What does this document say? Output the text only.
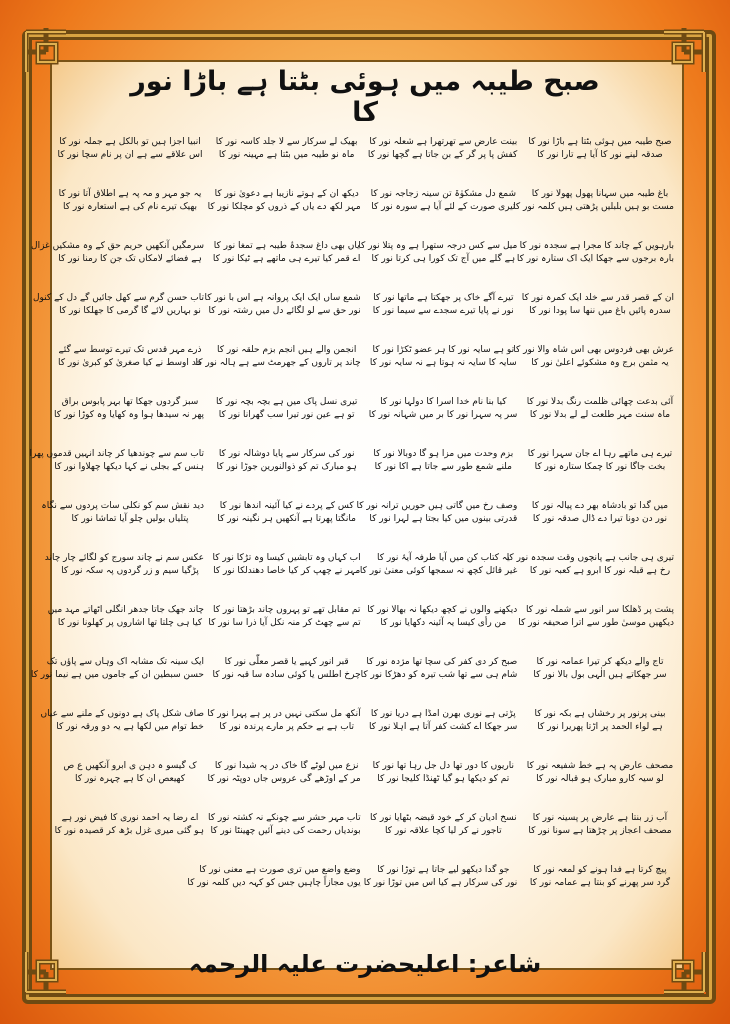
صبح طیبہ میں ہوئی بٹتا ہے باڑا نور کا
صبح طیبہ میں ہوئی بٹتا ہے باڑا نور کا
صدقہ لینے نور کا آیا ہے تارا نور کا
باغ طیبہ میں سہانا پھول پھولا نور کا
مست بو ہیں بلبلیں پڑھتی ہیں کلمہ نور کا
بارہویں کے چاند کا مجرا ہے سجدہ نور کا
بارہ برجوں سے جھکا ایک اک ستارہ نور کا
ان کے قصر قدر سے خلد ایک کمرہ نور کا
سدرہ پائیں باغ میں ننھا سا پودا نور کا
عرش بھی فردوس بھی اس شاہ والا نور کا
یہ مثمن برج وہ مشکوئے اعلیٰ نور کا
آئی بدعت چھائی ظلمت رنگ بدلا نور کا
ماہ سنت مہر طلعت لے لے بدلا نور کا
تیرے ہی ماتھے رہا اے جان سہرا نور کا
بخت جاگا نور کا چمکا ستارہ نور کا
میں گدا تو بادشاہ بھر دے پیالہ نور کا
نور دن دونا تیرا دے ڈال صدقہ نور کا
تیری ہی جانب ہے پانچوں وقت سجدہ نور کا
رخ ہے قبلہ نور کا ابرو ہے کعبہ نور کا
پشت پر ڈھلکا سر انور سے شملہ نور کا
دیکھیں موسیٰ طور سے اترا صحیفہ نور کا
تاج والے دیکھ کر تیرا عمامہ نور کا
سر جھکاتے ہیں الٰہی بول بالا نور کا
بینی پرنور پر رخشاں ہے بکہ نور کا
ہے لواء الحمد پر اڑتا پھریرا نور کا
مصحف عارض پہ ہے خط شفیعہ نور کا
لو سیہ کارو مبارک ہو قبالہ نور کا
آب زر بنتا ہے عارض پر پسینہ نور کا
مصحف اعجاز پر چڑھتا ہے سونا نور کا
پیچ کرتا ہے فدا ہونے کو لمعہ نور کا
گرد سر پھرنے کو بنتا ہے عمامہ نور کا
بینت عارض سے تھرتھرا ہے شعلہ نور کا
کفش پا پر گر کے بن جاتا ہے گچھا نور کا
شمع دل مشکوٰۃ تن سینہ زجاجہ نور کا
تیری صورت کے لئے آیا ہے سورہ نور کا
میل سے کس درجہ ستھرا ہے وہ پتلا نور کا
ہے گلے میں آج تک کورا ہی کرتا نور کا
تیرے آگے خاک پر جھکتا ہے ماتھا نور کا
نور نے پایا تیرے سجدے سے سیما نور کا
تو ہے سایہ نور کا ہر عضو ٹکڑا نور کا
سایہ کا سایہ نہ ہوتا ہے نہ سایہ نور کا
کیا بنا نام خدا اسرا کا دولہا نور کا
سر پہ سہرا نور کا بر میں شہانہ نور کا
بزم وحدت میں مزا ہو گا دوبالا نور کا
ملنے شمع طور سے جاتا ہے اکا نور کا
وصف رخ میں گاتی ہیں حوریں ترانہ نور کا
قدرتی بینوں میں کیا بجتا ہے لہرا نور کا
یہ کتاب کن میں آیا طرفہ آیۂ نور کا
غیر قائل کچھ نہ سمجھا کوئی معنیٰ نور کا
دیکھنے والوں نے کچھ دیکھا نہ بھالا نور کا
من رأی کیسا یہ آئینہ دکھایا نور کا
صبح کر دی کفر کی سچا تھا مژدہ نور کا
شام ہی سے تھا شب تیرہ کو دھڑکا نور کا
پڑتی ہے نوری بھرن امڈا ہے دریا نور کا
سر جھکا اے کشت کفر آتا ہے اہلا نور کا
ناریوں کا دور تھا دل جل رہا تھا نور کا
تم کو دیکھا ہو گیا ٹھنڈا کلیجا نور کا
نسخ ادیان کر کے خود قبضہ بٹھایا نور کا
تاجور نے کر لیا کچا علاقہ نور کا
جو گدا دیکھو لیے جاتا ہے توڑا نور کا
نور کی سرکار ہے کیا اس میں توڑا نور کا
بھیک لے سرکار سے لا جلد کاسہ نور کا
ماہ نو طیبہ میں بٹتا ہے مہینہ نور کا
دیکھ ان کے ہوتے نازیبا ہے دعویٰ نور کا
مہر لکھ دے یاں کے ذروں کو مچلکا نور کا
یاں بھی داغ سجدۂ طیبہ ہے تمغا نور کا
اے قمر کیا تیرے ہی ماتھے ہے ٹیکا نور کا
شمع ساں ایک ایک پروانہ ہے اس با نور کا
نور حق سے لو لگائے دل میں رشتہ نور کا
انجمن والے ہیں انجم بزم حلقہ نور کا
چاند پر تاروں کے جھرمٹ سے ہے ہالہ نور کا
تیری نسل پاک میں ہے بچہ بچہ نور کا
تو ہے عین نور تیرا سب گھرانا نور کا
نور کی سرکار سے پایا دوشالہ نور کا
ہو مبارک تم کو ذوالنورین جوڑا نور کا
کس کے پردے نے کیا آئینہ اندھا نور کا
مانگتا پھرتا ہے آنکھیں ہر نگینہ نور کا
اب کہاں وہ تابشیں کیسا وہ تڑکا نور کا
مہر نے چھپ کر کیا خاصا دھندلکا نور کا
تم مقابل تھے تو پہروں چاند بڑھتا نور کا
تم سے چھٹ کر منہ نکل آیا ذرا سا نور کا
قبر انور کہیے یا قصر معلّٰی نور کا
چرخ اطلس یا کوئی سادہ سا قبہ نور کا
آنکھ مل سکتی نہیں در پر ہے پہرا نور کا
تاب ہے بے حکم پر مارے پرندہ نور کا
نزع میں لوٹے گا خاک در پہ شیدا نور کا
مر کے اوڑھے گی عروس جاں دوپٹہ نور کا
تاب مہر حشر سے چونکے نہ کشتہ نور کا
بوندیاں رحمت کی دینے آئیں چھینٹا نور کا
وضع واضع میں تری صورت ہے معنی نور کا
یوں مجازاً چاہیں جس کو کہہ دیں کلمہ نور کا
انبیا اجزا ہیں تو بالکل ہے جملہ نور کا
اس علاقے سے ہے ان پر نام سچا نور کا
یہ جو مہر و مہ پہ ہے اطلاق آتا نور کا
بھیک تیرے نام کی ہے استعارہ نور کا
سرمگیں آنکھیں حریم حق کے وہ مشکیں غزال
ہے فضائے لامکاں تک جن کا رمنا نور کا
تاب حسن گرم سے کھل جائیں گے دل کے کنول
نو بہاریں لائے گا گرمی کا جھلکا نور کا
ذرے مہر قدس تک تیرے توسط سے گئے
حد اوسط نے کیا صغریٰ کو کبریٰ نور کا
سبز گردوں جھکا تھا بہر پابوس براق
پھر نہ سیدھا ہوا وہ کھایا وہ کوڑا نور کا
تاب سم سے چوندھیا کر چاند انہیں قدموں پھرا
ہنس کے بجلی نے کہا دیکھا چھلاوا نور کا
دید نقش سم کو نکلی سات پردوں سے نگاہ
پتلیاں بولیں چلو آیا تماشا نور کا
عکس سم نے چاند سورج کو لگائے چار چاند
پڑگیا سیم و زر گردوں پہ سکہ نور کا
چاند جھک جاتا جدھر انگلی اٹھاتے مہد میں
کیا ہی چلتا تھا اشاروں پر کھلونا نور کا
ایک سینہ تک مشابہ اک وہاں سے پاؤں تک
حسن سبطین ان کے جاموں میں ہے نیما نور کا
صاف شکل پاک ہے دونوں کے ملنے سے عیاں
خط توام میں لکھا ہے یہ دو ورقہ نور کا
ک گیسو ہ دہن ی ابرو آنکھیں ع ص
کھیعص ان کا ہے چہرہ نور کا
اے رضا یہ احمد نوری کا فیض نور ہے
ہو گئی میری غزل بڑھ کر قصیدہ نور کا
شاعر: اعلیحضرت علیہ الرحمہ
